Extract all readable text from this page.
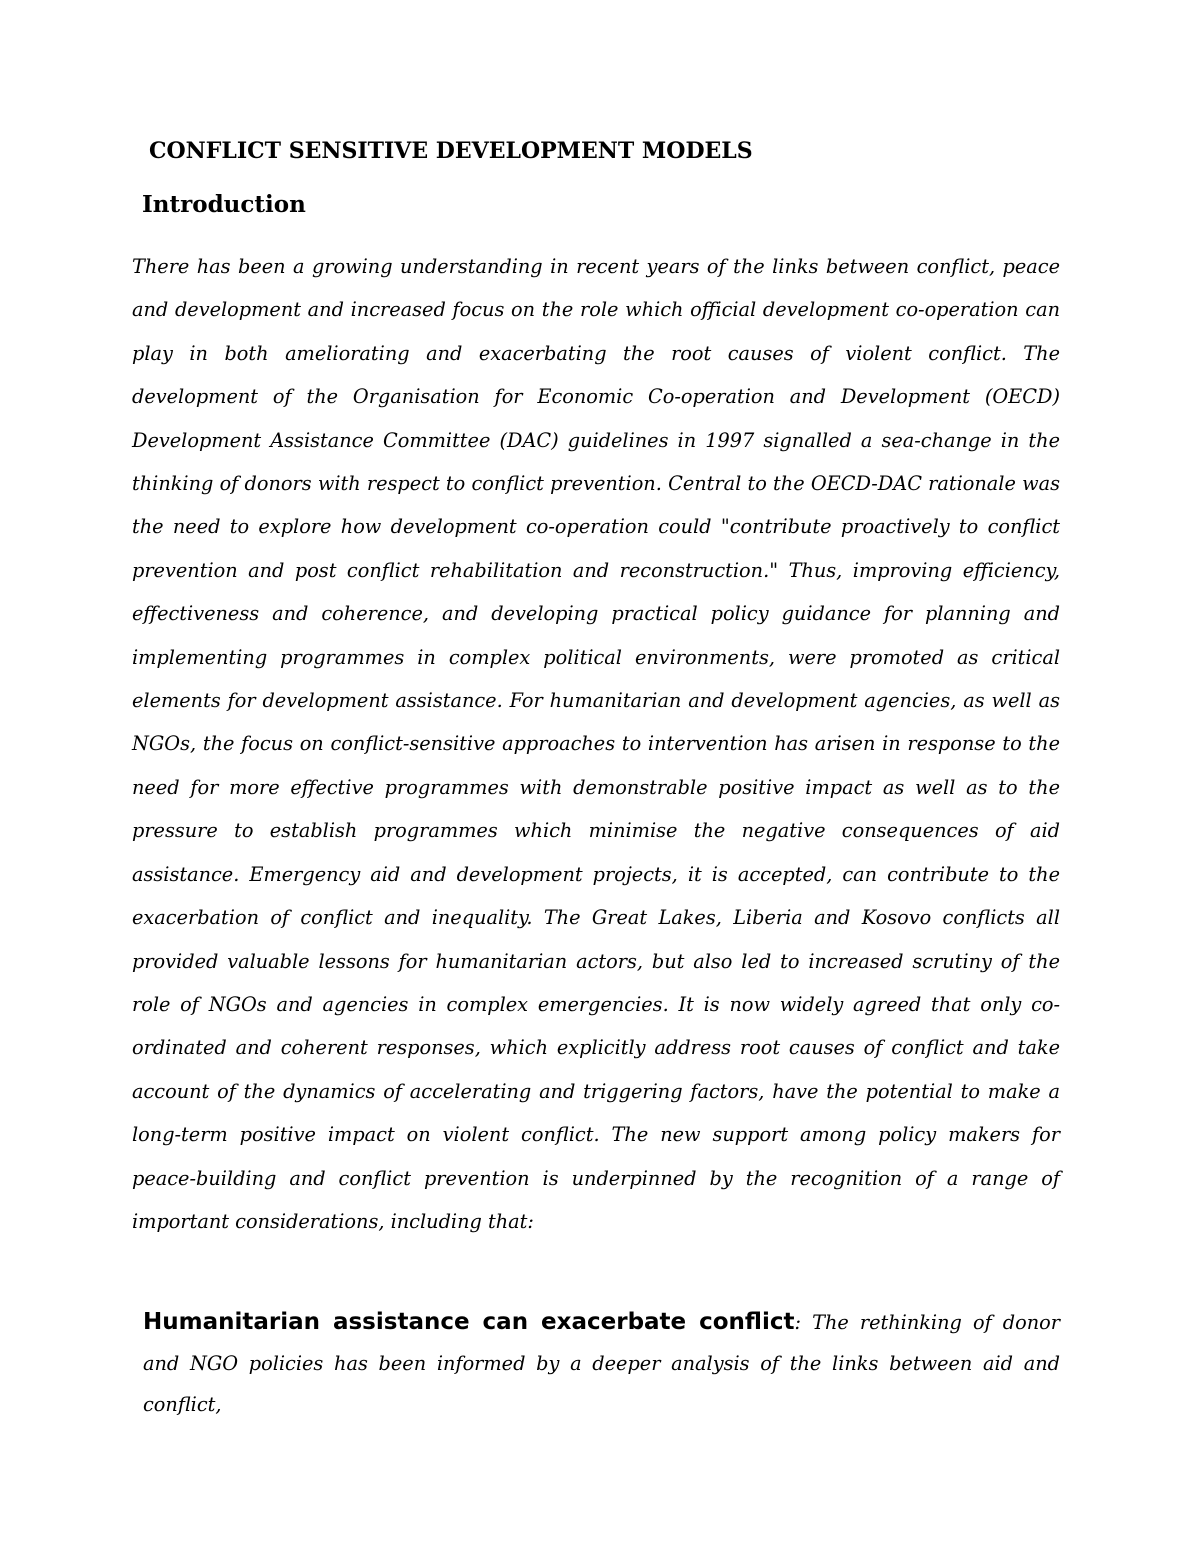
CONFLICT SENSITIVE DEVELOPMENT MODELS
Introduction

There has been a growing understanding in recent years of the links between conflict, peace and development and increased focus on the role which official development co-operation can play in both ameliorating and exacerbating the root causes of violent conflict. The development of the Organisation for Economic Co-operation and Development (OECD) Development Assistance Committee (DAC) guidelines in 1997 signalled a sea-change in the thinking of donors with respect to conflict prevention. Central to the OECD-DAC rationale was the need to explore how development co-operation could "contribute proactively to conflict prevention and post conflict rehabilitation and reconstruction." Thus, improving efficiency, effectiveness and coherence, and developing practical policy guidance for planning and implementing programmes in complex political environments, were promoted as critical elements for development assistance. For humanitarian and development agencies, as well as NGOs, the focus on conflict-sensitive approaches to intervention has arisen in response to the need for more effective programmes with demonstrable positive impact as well as to the pressure to establish programmes which minimise the negative consequences of aid assistance. Emergency aid and development projects, it is accepted, can contribute to the exacerbation of conflict and inequality. The Great Lakes, Liberia and Kosovo conflicts all provided valuable lessons for humanitarian actors, but also led to increased scrutiny of the role of NGOs and agencies in complex emergencies. It is now widely agreed that only co-ordinated and coherent responses, which explicitly address root causes of conflict and take account of the dynamics of accelerating and triggering factors, have the potential to make a long-term positive impact on violent conflict. The new support among policy makers for peace-building and conflict prevention is underpinned by the recognition of a range of important considerations, including that:

Humanitarian assistance can exacerbate conflict: The rethinking of donor and NGO policies has been informed by a deeper analysis of the links between aid and conflict,
